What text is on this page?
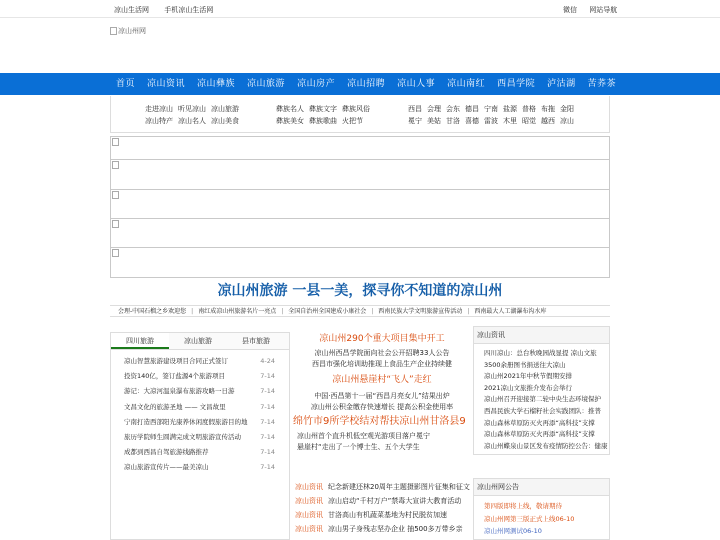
凉山生活网 手机凉山生活网	微信 网站导航
凉山州网
首页	凉山资讯	凉山彝族	凉山旅游	凉山房产	凉山招聘	凉山人事	凉山南红	西昌学院	泸沽湖	苦荞茶
走进凉山 听见凉山 凉山旅游
凉山特产 凉山名人 凉山美食
彝族名人 彝族文字 彝族风俗
彝族美女 彝族歌曲 火把节
西昌 会理 会东 德昌 宁南 盐源 普格 布拖 金阳
冕宁 美姑 甘洛 喜德 雷波 木里 昭觉 越西 凉山
凉山州旅游 一县一美，探寻你不知道的凉山州
会理-中国石榴之乡欢迎您 | 南红成凉山州旅游名片一亮点 | 全国自治州全国建成小康社会 | 西南民族大学文明旅游宣传活动 | 西南最大人工湖瀑布沟水库
四川旅游	凉山旅游	县市旅游
凉山智慧旅游建设项目合同正式签订	4-24
投资140亿，签订盐源4个旅游项目	7-14
游记：大凉河温泉瀑布旅游攻略一日游	7-14
文昌文化的旅游圣地 —— 文昌故里	7-14
宁南打造西部阳光康养休闲度假旅游目的地 7-14
旅历学院师生圆满完成文明旅游宣传活动	7-14
成都到西昌自驾旅游线路推荐	7-14
凉山旅游宣传片——最美凉山	7-14
凉山州290个重大项目集中开工
凉山州西昌学院面向社会公开招聘33人公告
西昌市强化培训助推现上食品生产企业持续健
凉山州悬崖村“飞人”走红
中国·西昌第十一届“西昌月亮女儿”结果出炉
凉山州公积金缴存快速增长 提高公积金使用率
绵竹市9所学校结对帮扶凉山州甘洛县9
凉山州首个直升机低空观光游项目落户冕宁
悬崖村“走出了一个博士生、五个大学生
凉山资讯 纪念新建还林20周年主题摄影图片征集和征文
凉山资讯 凉山启动“千村万户”禁毒大宣讲大教育活动
凉山资讯 甘洛高山有机蔬菜基地为村民脱贫加速
凉山资讯 凉山男子身残志坚办企业 抽500多万带乡亲
凉山资讯
四川凉山：总台秋晚园战显提 凉山文旅
3500余册图书捐送往大凉山
凉山州2021年中秋节假期安排
2021凉山文旅推介发布会举行
凉山州召开迎接第二轮中央生态环境保护
西昌民族大学石榴籽社会实践团队：推普
凉山森林草原防灭火再添“高科技”支撑
凉山森林草原防灭火再添“高科技”支撑
凉山州蝶泉山景区发布疫情防控公告：健康
凉山州网公告
第四版即将上线，敬请期待
凉山州网第三版正式上线06-10
凉山州网测试06-10
